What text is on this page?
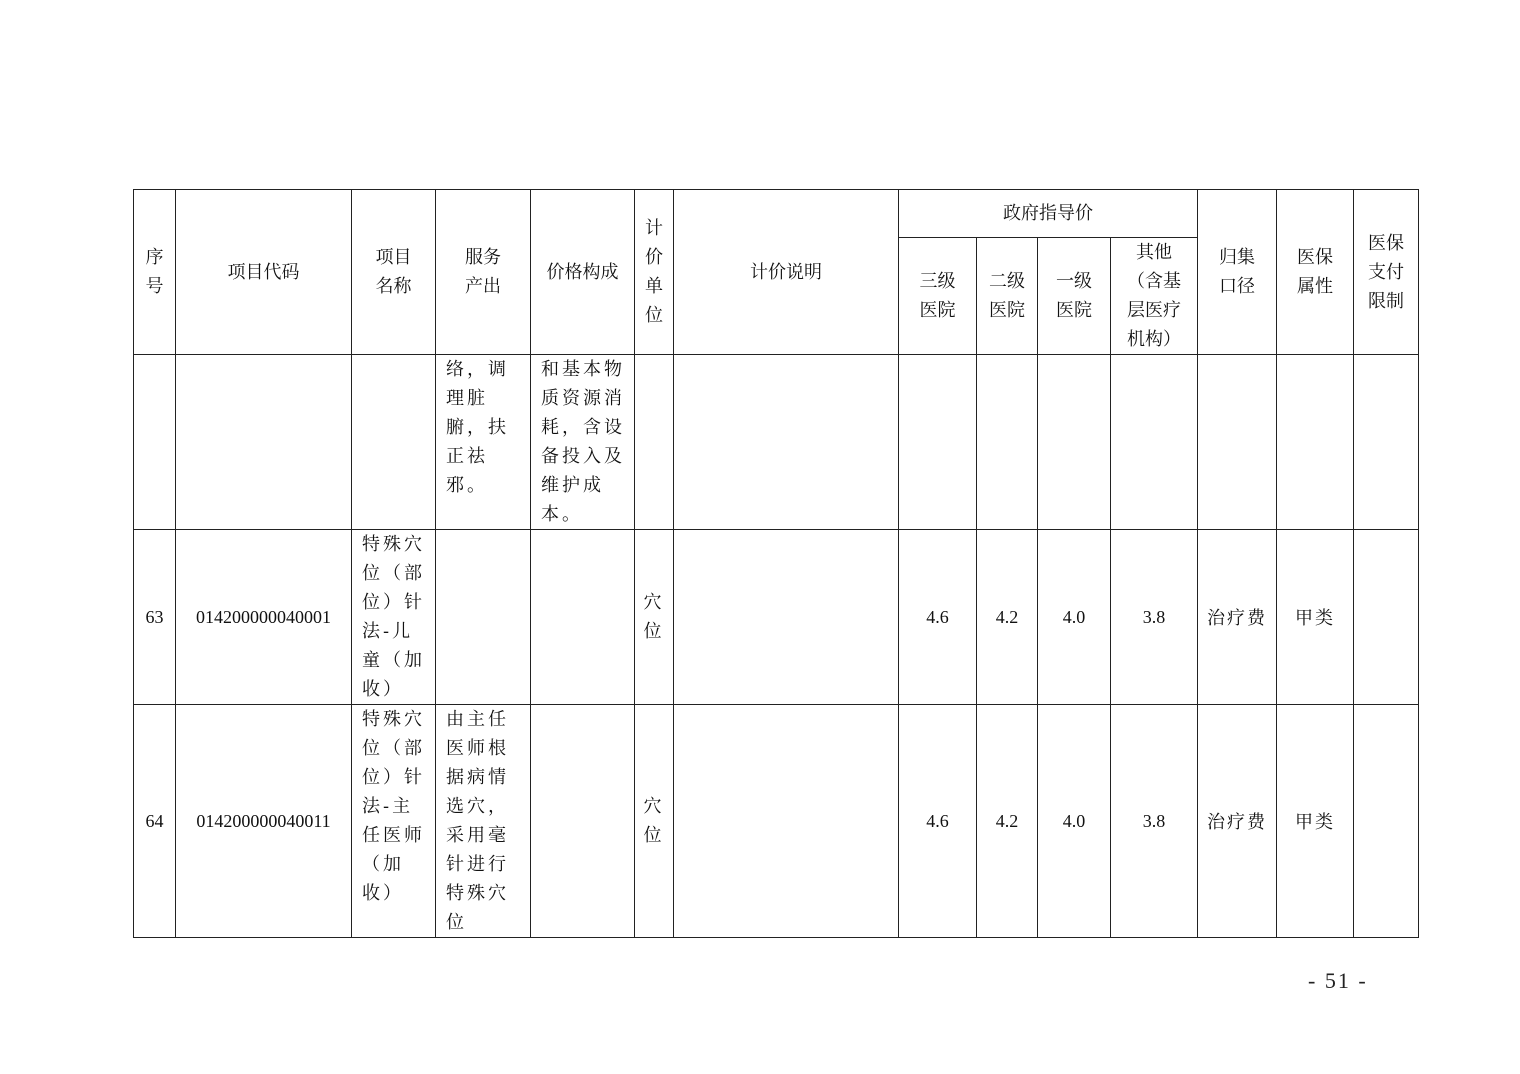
序号	项目代码	项目名称	服务产出	价格构成	计价单位	计价说明	政府指导价				归集口径	医保属性	医保支付限制
							三级医院	二级医院	一级医院	其他（含基层医疗机构）			

			络，调理脏腑，扶正祛邪。	和基本物质资源消耗，含设备投入及维护成本。									

63	014200000040001	特殊穴位（部位）针法-儿童（加收）			穴位		4.6	4.2	4.0	3.8	治疗费	甲类	
64	014200000040011	特殊穴位（部位）针法-主任医师（加收）	由主任医师根据病情选穴，采用毫针进行特殊穴位		穴位		4.6	4.2	4.0	3.8	治疗费	甲类	
- 51 -
